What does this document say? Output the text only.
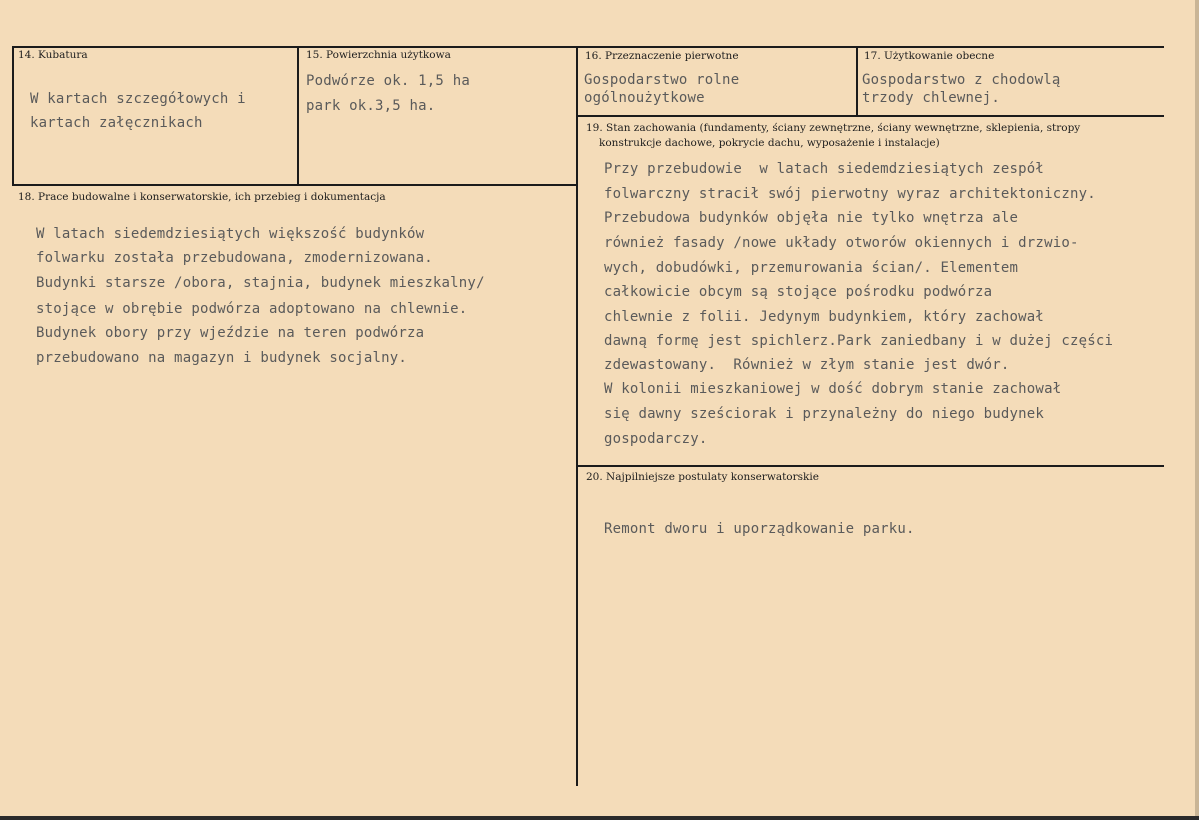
14. Kubatura
W kartach szczegółowych i
kartach załęcznikach
15. Powierzchnia użytkowa
Podwórze ok. 1,5 ha
park ok.3,5 ha.
16. Przeznaczenie pierwotne
Gospodarstwo rolne
ogólnoużytkowe
17. Użytkowanie obecne
Gospodarstwo z chodowlą
trzody chlewnej.
18. Prace budowalne i konserwatorskie, ich przebieg i dokumentacja
W latach siedemdziesiątych większość budynków
folwarku została przebudowana, zmodernizowana.
Budynki starsze /obora, stajnia, budynek mieszkalny/
stojące w obrębie podwórza adoptowano na chlewnie.
Budynek obory przy wjeździe na teren podwórza
przebudowano na magazyn i budynek socjalny.
19. Stan zachowania (fundamenty, ściany zewnętrzne, ściany wewnętrzne, sklepienia, stropy
konstrukcje dachowe, pokrycie dachu, wyposażenie i instalacje)
Przy przebudowie  w latach siedemdziesiątych zespół
folwarczny stracił swój pierwotny wyraz architektoniczny.
Przebudowa budynków objęła nie tylko wnętrza ale
również fasady /nowe układy otworów okiennych i drzwio-
wych, dobudówki, przemurowania ścian/. Elementem
całkowicie obcym są stojące pośrodku podwórza
chlewnie z folii. Jedynym budynkiem, który zachował
dawną formę jest spichlerz.Park zaniedbany i w dużej części
zdewastowany.  Również w złym stanie jest dwór.
W kolonii mieszkaniowej w dość dobrym stanie zachował
się dawny sześciorak i przynależny do niego budynek
gospodarczy.
20. Najpilniejsze postulaty konserwatorskie
Remont dworu i uporządkowanie parku.
